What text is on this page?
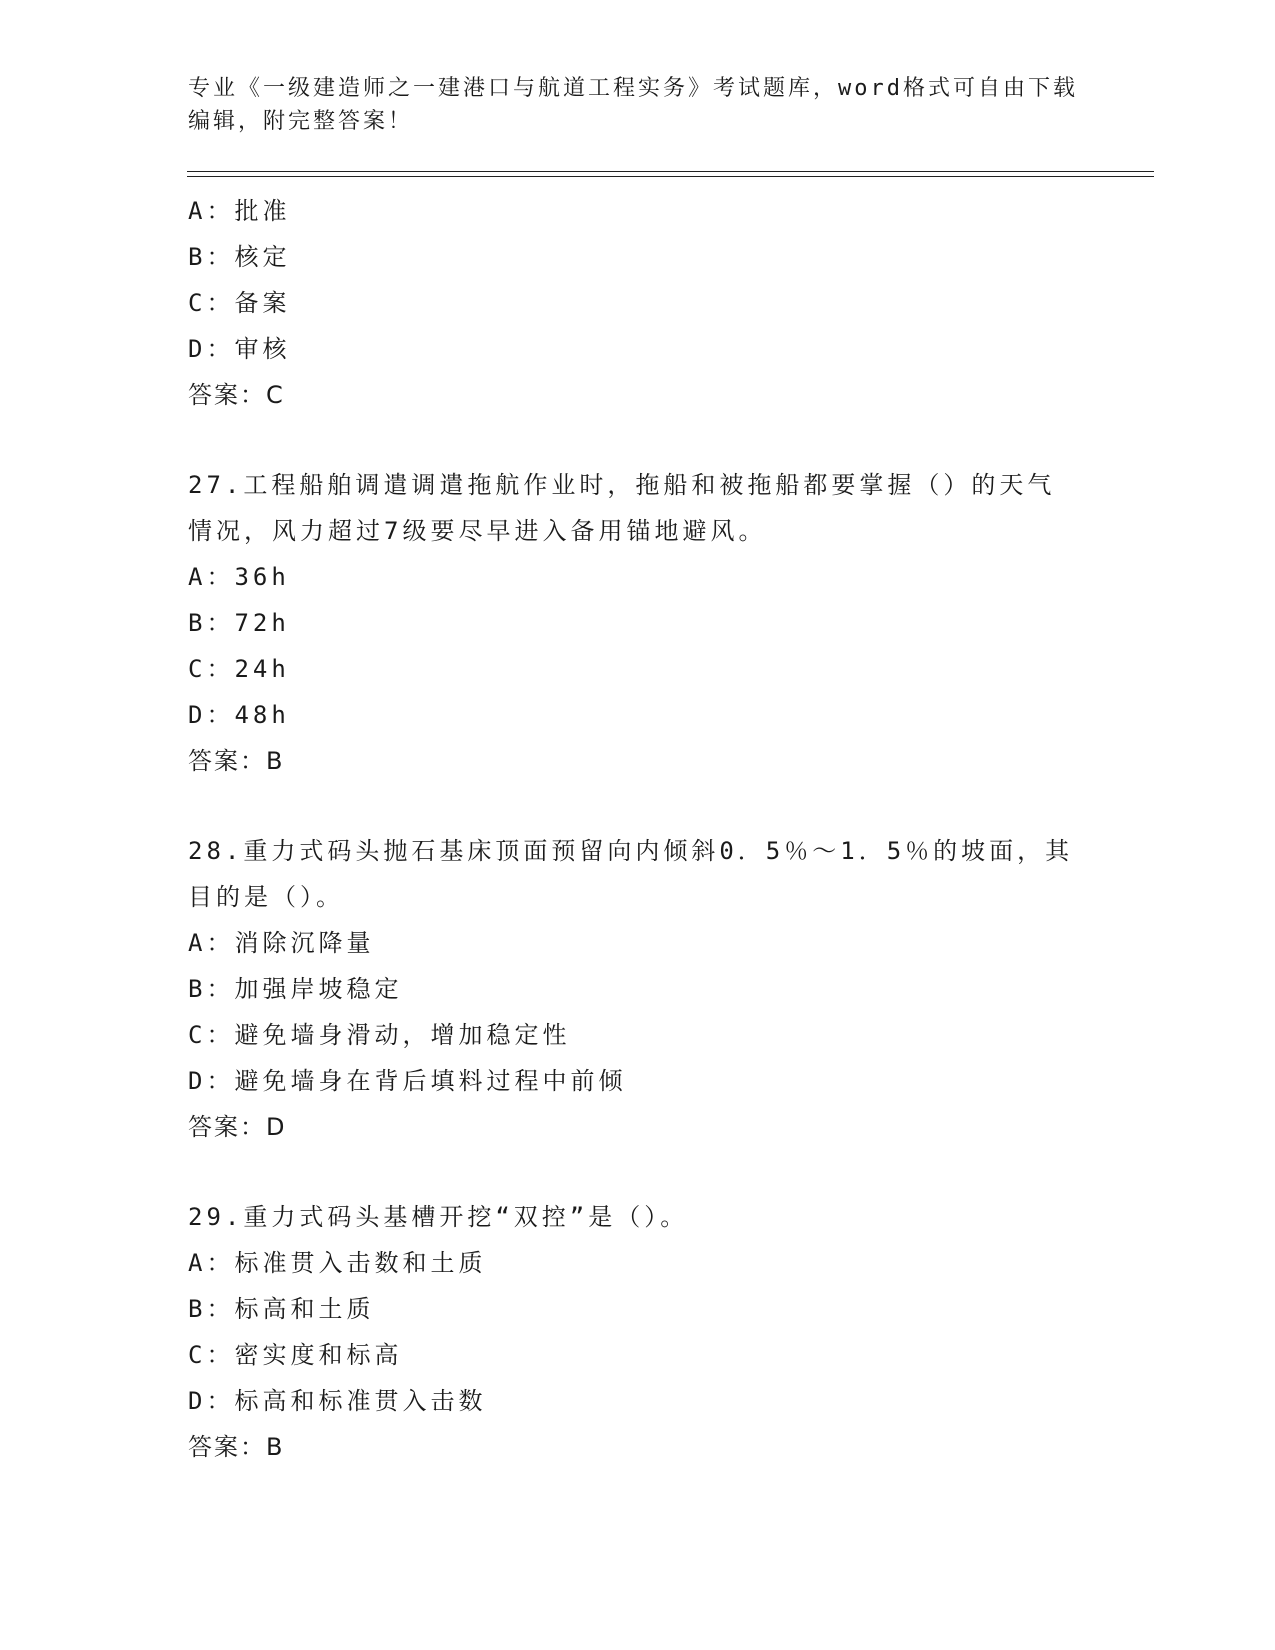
专业《一级建造师之一建港口与航道工程实务》考试题库，word格式可自由下载
编辑，附完整答案！
A：批准
B：核定
C：备案
D：审核
答案：C
27.工程船舶调遣调遣拖航作业时，拖船和被拖船都要掌握（）的天气
情况，风力超过7级要尽早进入备用锚地避风。
A：36h
B：72h
C：24h
D：48h
答案：B
28.重力式码头抛石基床顶面预留向内倾斜0．5％～1．5％的坡面，其
目的是（）。
A：消除沉降量
B：加强岸坡稳定
C：避免墙身滑动，增加稳定性
D：避免墙身在背后填料过程中前倾
答案：D
29.重力式码头基槽开挖“双控”是（）。
A：标准贯入击数和土质
B：标高和土质
C：密实度和标高
D：标高和标准贯入击数
答案：B
